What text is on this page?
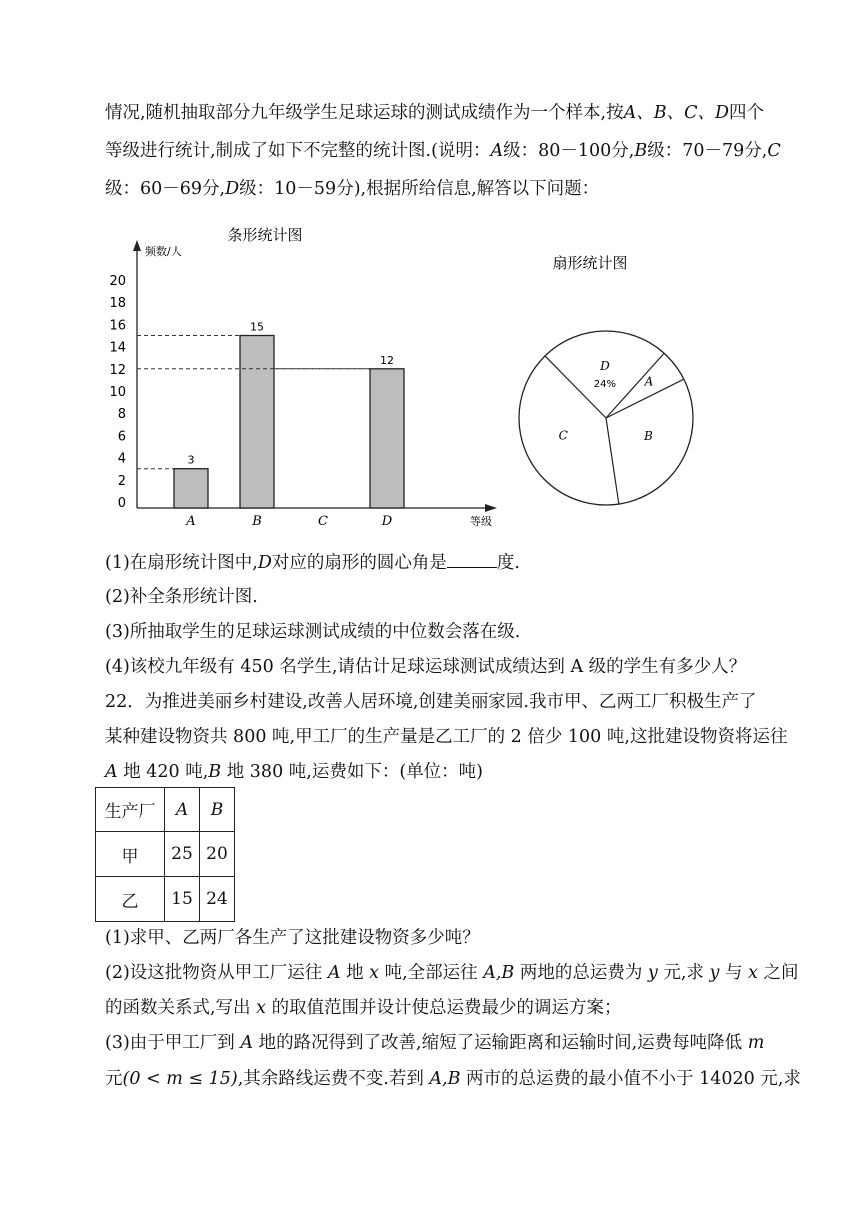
情况,随机抽取部分九年级学生足球运球的测试成绩作为一个样本,按A、B、C、D四个
等级进行统计,制成了如下不完整的统计图.(说明：A级：80－100分,B级：70－79分,C
级：60－69分,D级：10－59分),根据所给信息,解答以下问题：
条形统计图
频数/人
等级
0
2
4
6
8
10
12
14
16
18
20
A
3
B
15
C	D
12
扇形统计图
D
24% A
B
C
(1)在扇形统计图中,D对应的扇形的圆心角是	度.
(2)补全条形统计图.
(3)所抽取学生的足球运球测试成绩的中位数会落在级.
(4)该校九年级有 450 名学生,请估计足球运球测试成绩达到 A 级的学生有多少人？
22．为推进美丽乡村建设,改善人居环境,创建美丽家园.我市甲、乙两工厂积极生产了
某种建设物资共 800 吨,甲工厂的生产量是乙工厂的 2 倍少 100 吨,这批建设物资将运往
A 地 420 吨,B 地 380 吨,运费如下：(单位：吨)
生产厂	A	B
甲	25	20
乙	15	24
(1)求甲、乙两厂各生产了这批建设物资多少吨？
(2)设这批物资从甲工厂运往 A 地 x 吨,全部运往 A,B 两地的总运费为 y 元,求 y 与 x 之间
的函数关系式,写出 x 的取值范围并设计使总运费最少的调运方案；
(3)由于甲工厂到 A 地的路况得到了改善,缩短了运输距离和运输时间,运费每吨降低 m
元(0 < m ≤ 15),其余路线运费不变.若到 A,B 两市的总运费的最小值不小于 14020 元,求
